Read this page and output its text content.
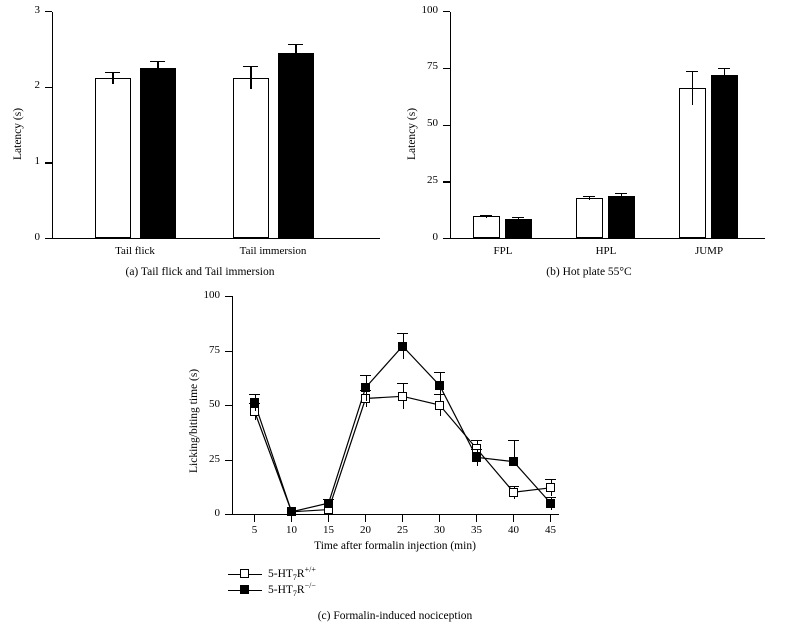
0
1
2
3
Latency (s)
Tail flick	Tail immersion
(a) Tail flick and Tail immersion
0
25
50
75
100
Latency (s)
FPL	HPL	JUMP
(b) Hot plate 55°C
0
25
50
75
100
Licking/biting time (s)
5	10	15	20	25	30	35	40	45
Time after formalin injection (min)
$5-HT_7R^{+/+}$
$5-HT_7R^{-/-}$
(c) Formalin-induced nociception
